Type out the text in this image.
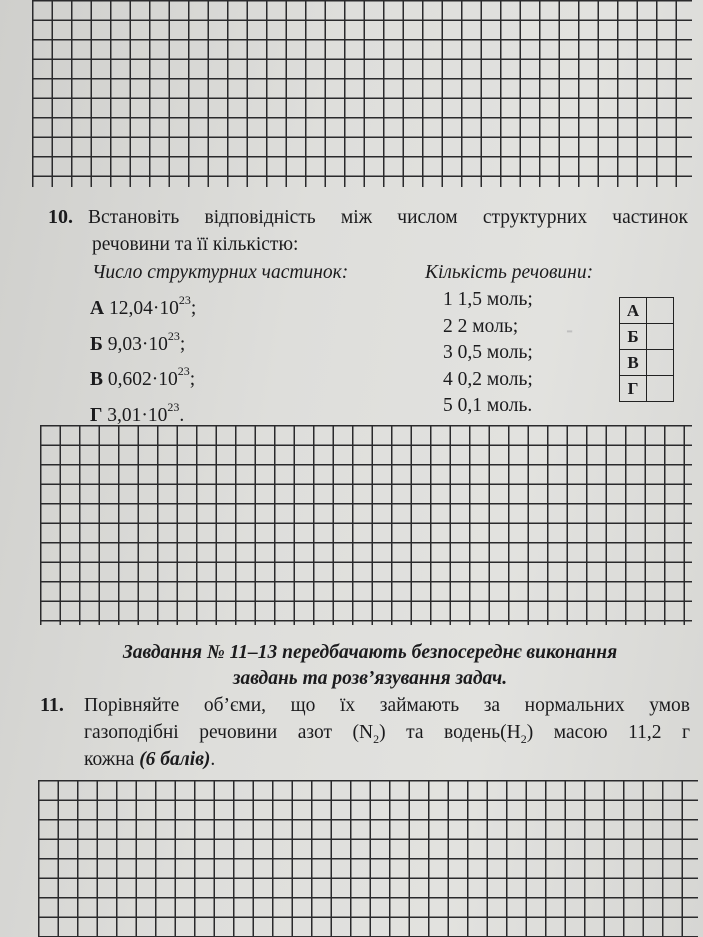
⁃
10. Встановіть відповідність між числом структурних частинок
речовини та її кількістю:
Число структурних частинок:	Кількість речовини:
А $12,04\cdot 10^{23}$;
Б $9,03\cdot 10^{23}$;
В $0,602\cdot 10^{23}$;
Г $3,01\cdot 10^{23}$.
1 1,5 моль;
2 2 моль;
3 0,5 моль;
4 0,2 моль;
5 0,1 моль.
А	
Б	
В	
Г	
Завдання № 11–13 передбачають безпосереднє виконання
завдань та розв’язування задач.
11. Порівняйте об’єми, що їх займають за нормальних умов
газоподібні речовини азот $(N_2)$ та $водень(H_2)$ масою 11,2 г
кожна (6 балів).
